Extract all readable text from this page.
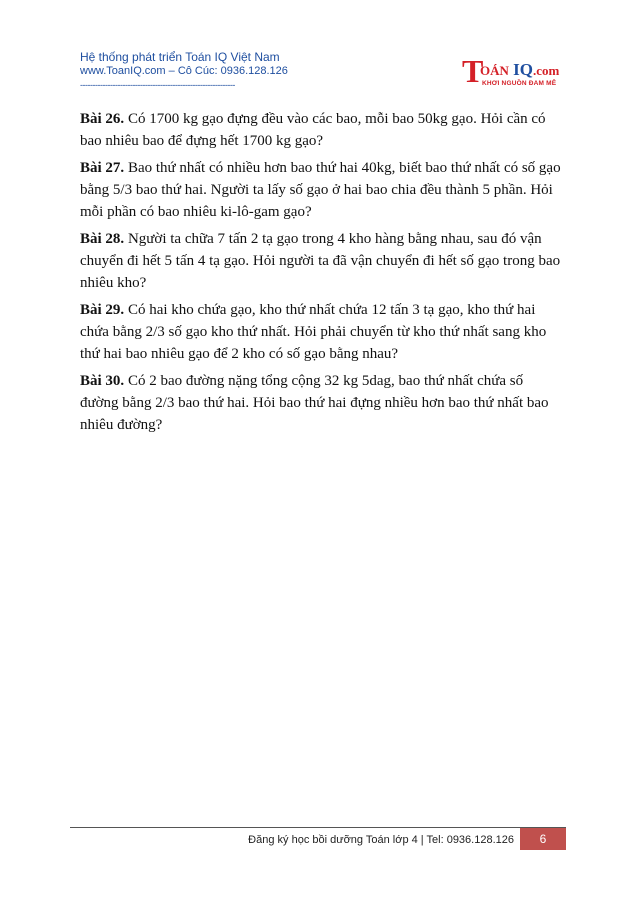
Hệ thống phát triển Toán IQ Việt Nam
www.ToanIQ.com – Cô Cúc: 0936.128.126
--------------------------------------------------------------	T
OÁN IQ.com
KHƠI NGUỒN ĐAM MÊ

Bài 26. Có 1700 kg gạo đựng đều vào các bao, mỗi bao 50kg gạo. Hỏi cần có bao nhiêu bao để đựng hết 1700 kg gạo?

Bài 27. Bao thứ nhất có nhiều hơn bao thứ hai 40kg, biết bao thứ nhất có số gạo bằng 5/3 bao thứ hai. Người ta lấy số gạo ở hai bao chia đều thành 5 phần. Hỏi mỗi phần có bao nhiêu ki-lô-gam gạo?

Bài 28. Người ta chữa 7 tấn 2 tạ gạo trong 4 kho hàng bằng nhau, sau đó vận chuyển đi hết 5 tấn 4 tạ gạo. Hỏi người ta đã vận chuyển đi hết số gạo trong bao nhiêu kho?

Bài 29. Có hai kho chứa gạo, kho thứ nhất chứa 12 tấn 3 tạ gạo, kho thứ hai chứa bằng 2/3 số gạo kho thứ nhất. Hỏi phải chuyển từ kho thứ nhất sang kho thứ hai bao nhiêu gạo để 2 kho có số gạo bằng nhau?

Bài 30. Có 2 bao đường nặng tổng cộng 32 kg 5dag, bao thứ nhất chứa số đường bằng 2/3 bao thứ hai. Hỏi bao thứ hai đựng nhiều hơn bao thứ nhất bao nhiêu đường?

Đăng ký học bồi dưỡng Toán lớp 4 | Tel: 0936.128.126	6
